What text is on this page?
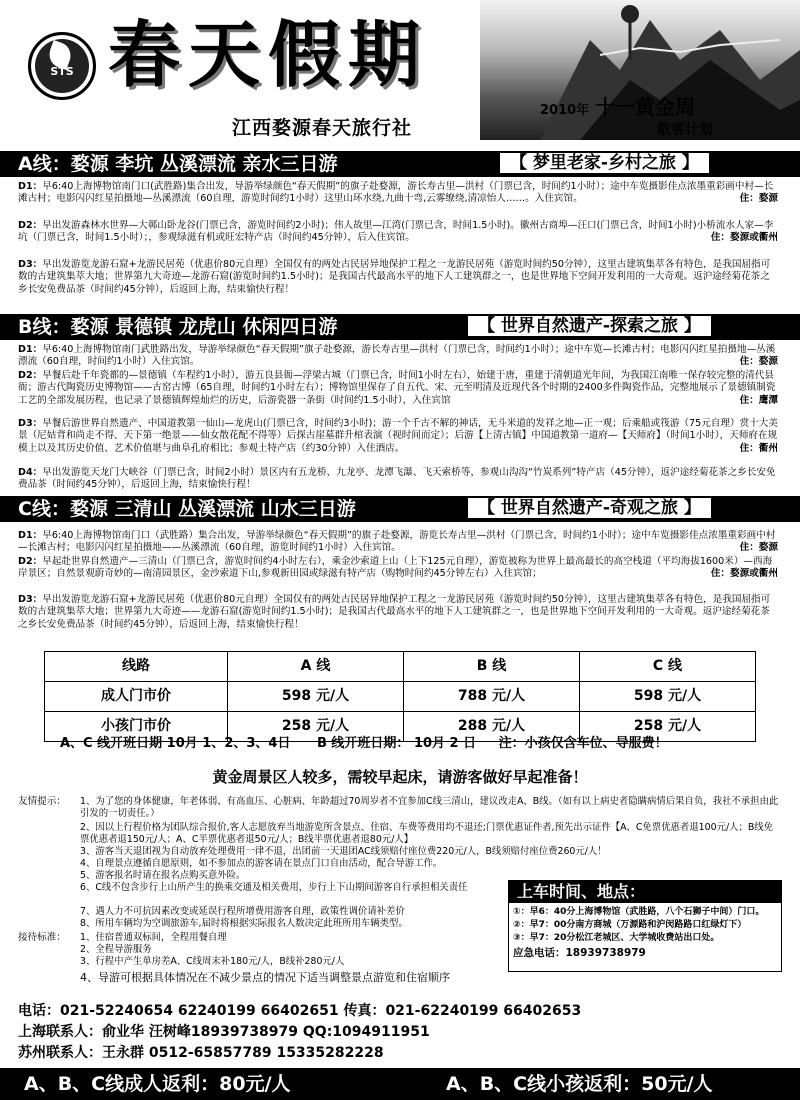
STS 春天假期
江西婺源春天旅行社
2010年 十一黄金周
散客计划
A线：婺源 李坑 丛溪漂流 亲水三日游	【 梦里老家-乡村之旅 】
D1：早6:40上海博物馆南门口(武胜路)集合出发，导游举绿颜色“春天假期”的旗子赴婺源，游长寿古里—洪村（门票已含，时间约1小时）；途中车览摄影佳点浓墨重彩画中村—长滩古村；电影闪闪红星拍摄地—丛溪漂流（60自理，游览时间约1小时）这里山环水绕,九曲十弯,云雾缭绕,清凉怡人……。入住宾馆。	住：婺源
D2：早出发游森林水世界—大鄣山卧龙谷(门票已含，游览时间约2小时)；伟人故里—江湾(门票已含，时间1.5小时)。徽州古商埠—汪口(门票已含，时间1小时)小桥流水人家—李坑（门票已含，时间1.5小时）；，参观绿滋有机或旺宏特产店（时间约45分钟），后入住宾馆。	住：婺源或衢州
D3：早出发游览龙游石窟+龙游民居苑（优惠价80元自理）全国仅有的两处古民居异地保护工程之一龙游民居苑（游览时间约50分钟），这里古建筑集萃各有特色，是我国屈指可数的古建筑集萃大地；世界第九大奇迹—龙游石窟(游览时间约1.5小时)；是我国古代最高水平的地下人工建筑群之一，也是世界地下空间开发利用的一大奇观。返沪途经菊花茶之乡长安免费品茶（时间约45分钟），后返回上海，结束愉快行程！
B线：婺源 景德镇 龙虎山 休闲四日游	【 世界自然遗产-探索之旅 】
D1：早6:40上海博物馆南门武胜路出发，导游举绿颜色“春天假期”旗子赴婺源，游长寿古里—洪村（门票已含，时间约1小时）；途中车览—长滩古村；电影闪闪红星拍摄地—丛溪漂流（60自理，时间约1小时）入住宾馆。	住：婺源
D2：早餐后赴千年瓷都的—景德镇（车程约1小时），游五良县衙—浮梁古城（门票已含，时间1小时左右），始建于唐，重建于清朝道光年间，为我国江南唯一保存较完整的清代县衙；游古代陶瓷历史博物馆——古窑古博（65自理，时间约1小时左右）；博物馆里保存了自五代、宋、元至明清及近现代各个时期的2400多件陶瓷作品，完整地展示了景德镇制瓷工艺的全部发展历程，也记录了景德镇辉煌灿烂的历史，后游瓷器一条街（时间约1.5小时），入住宾馆	住：鹰潭
D3：早餐后游世界自然遗产、中国道教第一仙山—龙虎山(门票已含，时间约3小时)；游一个千古不解的神话，无斗米道的发祥之地—正一观；后乘船或筏游（75元自理）赏十大美景（尼姑背和尚走不得、天下第一绝景——仙女散花配不得等）后探古崖墓群升棺表演（视时间而定）；后游【上清古镇】中国道教第一道府—【天师府】（时间1小时），天师府在规模上以及其历史价值、艺术价值堪与曲阜孔府相比；参观土特产店（约30分钟）入住酒店。	住：衢州
D4：早出发游览天龙门大峡谷（门票已含，时间2小时）景区内有五龙桥、九龙亭、龙潭飞瀑、飞天索桥等，参观山沟沟“竹炭系列”特产店（45分钟），返沪途经菊花茶之乡长安免费品茶（时间约45分钟），后返回上海，结束愉快行程！
C线：婺源 三清山 丛溪漂流 山水三日游	【 世界自然遗产-奇观之旅 】
D1：早6:40上海博物馆南门口（武胜路）集合出发，导游举绿颜色“春天假期”的旗子赴婺源，游览长寿古里—洪村（门票已含，时间约1小时）；途中车览摄影佳点浓墨重彩画中村—长滩古村；电影闪闪红星拍摄地——丛溪漂流（60自理，游览时间约1小时）入住宾馆。	住：婺源
D2：早起赴世界自然遗产—三清山（门票已含，游览时间约4小时左右），乘金沙索道上山（上下125元自理），游览被称为世界上最高最长的高空栈道（平均海拔1600米）—西海岸景区；自然景观蔚奇妙的—南清园景区，金沙索道下山,参观新田园或绿滋有特产店（购物时间约45分钟左右）入住宾馆；	住：婺源或衢州
D3：早出发游览龙游石窟+龙游民居苑（优惠价80元自理）全国仅有的两处古民居异地保护工程之一龙游民居苑（游览时间约50分钟），这里古建筑集萃各有特色，是我国屈指可数的古建筑集萃大地；世界第九大奇迹——龙游石窟(游览时间约1.5小时)；是我国古代最高水平的地下人工建筑群之一，也是世界地下空间开发利用的一大奇观。返沪途经菊花茶之乡长安免费品茶（时间约45分钟），后返回上海，结束愉快行程！
线路	A 线	B 线	C 线
成人门市价	598 元/人	788 元/人	598 元/人
小孩门市价	258 元/人	288 元/人	258 元/人
A、C 线开班日期 10月 1、2、3、4日 B 线开班日期： 10月 2 日 注：小孩仅含车位、导服费！
黄金周景区人较多，需较早起床，请游客做好早起准备！
友情提示： 1、为了您的身体健康，年老体弱、有高血压、心脏病、年龄超过70周岁者不宜参加C线三清山，建议改走A、B线。（如有以上病史者隐瞒病情后果自负，我社不承担由此引发的一切责任。）
2、因以上行程价格为团队综合报价,客人志愿放弃当地游览所含景点、住宿、车费等费用均不退还;门票优惠证件者,预先出示证件【A、C免票优惠者退100元/人；B线免票优惠者退150元/人；A、C半票优惠者退50元/人；B线半票优惠者退80元/人】
3、游客当天退团视为自动放弃处理费用一律不退，出团前一天退团AC线须赔付座位费220元/人，B线须赔付座位费260元/人！
4、自理景点遵循自愿原则，如不参加点的游客请在景点门口自由活动，配合导游工作。
5、游客报名时请在报名点购买意外险。
6、C线不包含步行上山所产生的换乘交通及相关费用，步行上下山期间游客自行承担相关责任
7、遇人力不可抗因素改变或延误行程所增费用游客自理，政策性调价请补差价
8、所用车辆均为空调旅游车,届时将根据实际报名人数决定此班所用车辆类型。
接待标准： 1、住宿普通双标间，全程用餐自理
2、全程导游服务
3、行程中产生单房差A、C线周末补180元/人，B线补280元/人
4、导游可根据具体情况在不减少景点的情况下适当调整景点游览和住宿顺序
上车时间、地点：
①：早6：40分上海博物馆（武胜路，八个石狮子中间）门口。
②：早7：00分南方商城（万源路和沪闵路路口红绿灯下）
③：早7：20分松江老城区、大学城收费站出口处。
应急电话：18939738979
电话：021-52240654 62240199 66402651 传真：021-62240199 66402653
上海联系人：俞业华 汪树峰18939738979 QQ:1094911951
苏州联系人：王永群 0512-65857789 15335282228
A、B、C线成人返利：80元/人	A、B、C线小孩返利：50元/人
